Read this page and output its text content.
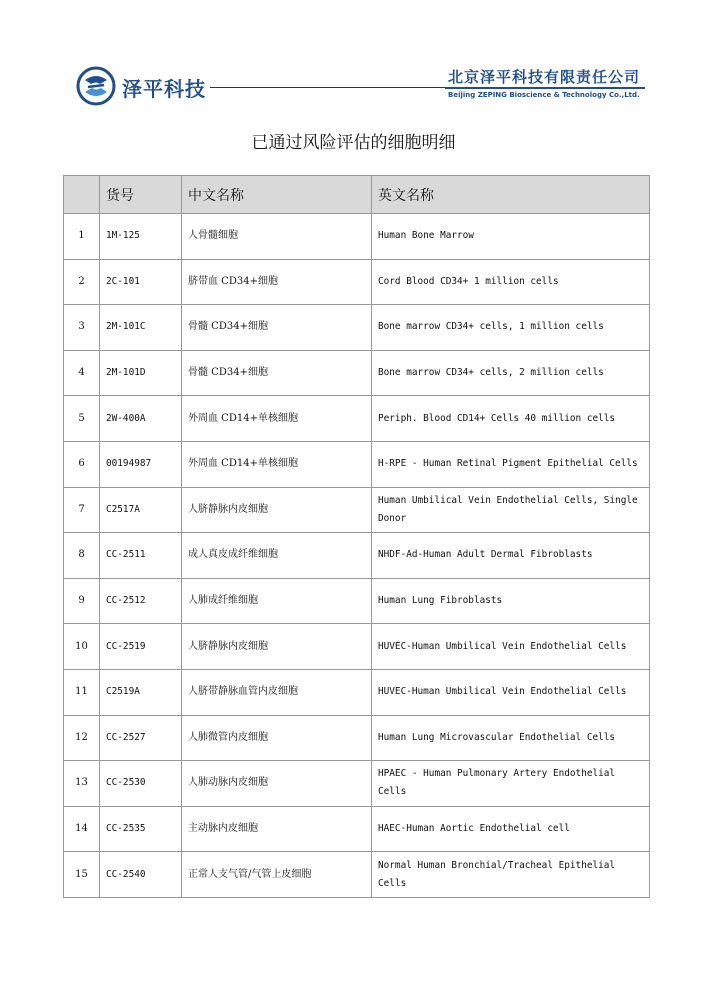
泽平科技	北京泽平科技有限责任公司
Beijing ZEPING Bioscience & Technology Co.,Ltd.
已通过风险评估的细胞明细
	货号	中文名称	英文名称
1	1M-125	人骨髓细胞	Human Bone Marrow
2	2C-101	脐带血 CD34+细胞	Cord Blood CD34+ 1 million cells
3	2M-101C	骨髓 CD34+细胞	Bone marrow CD34+ cells, 1 million cells
4	2M-101D	骨髓 CD34+细胞	Bone marrow CD34+ cells, 2 million cells
5	2W-400A	外周血 CD14+单核细胞	Periph. Blood CD14+ Cells 40 million cells
6	00194987	外周血 CD14+单核细胞	H-RPE - Human Retinal Pigment Epithelial Cells
7	C2517A	人脐静脉内皮细胞	Human Umbilical Vein Endothelial Cells, Single Donor
8	CC-2511	成人真皮成纤维细胞	NHDF-Ad-Human Adult Dermal Fibroblasts
9	CC-2512	人肺成纤维细胞	Human Lung Fibroblasts
10	CC-2519	人脐静脉内皮细胞	HUVEC-Human Umbilical Vein Endothelial Cells
11	C2519A	人脐带静脉血管内皮细胞	HUVEC-Human Umbilical Vein Endothelial Cells
12	CC-2527	人肺微管内皮细胞	Human Lung Microvascular Endothelial Cells
13	CC-2530	人肺动脉内皮细胞	HPAEC - Human Pulmonary Artery Endothelial Cells
14	CC-2535	主动脉内皮细胞	HAEC-Human Aortic Endothelial cell
15	CC-2540	正常人支气管/气管上皮细胞	Normal Human Bronchial/Tracheal Epithelial Cells
